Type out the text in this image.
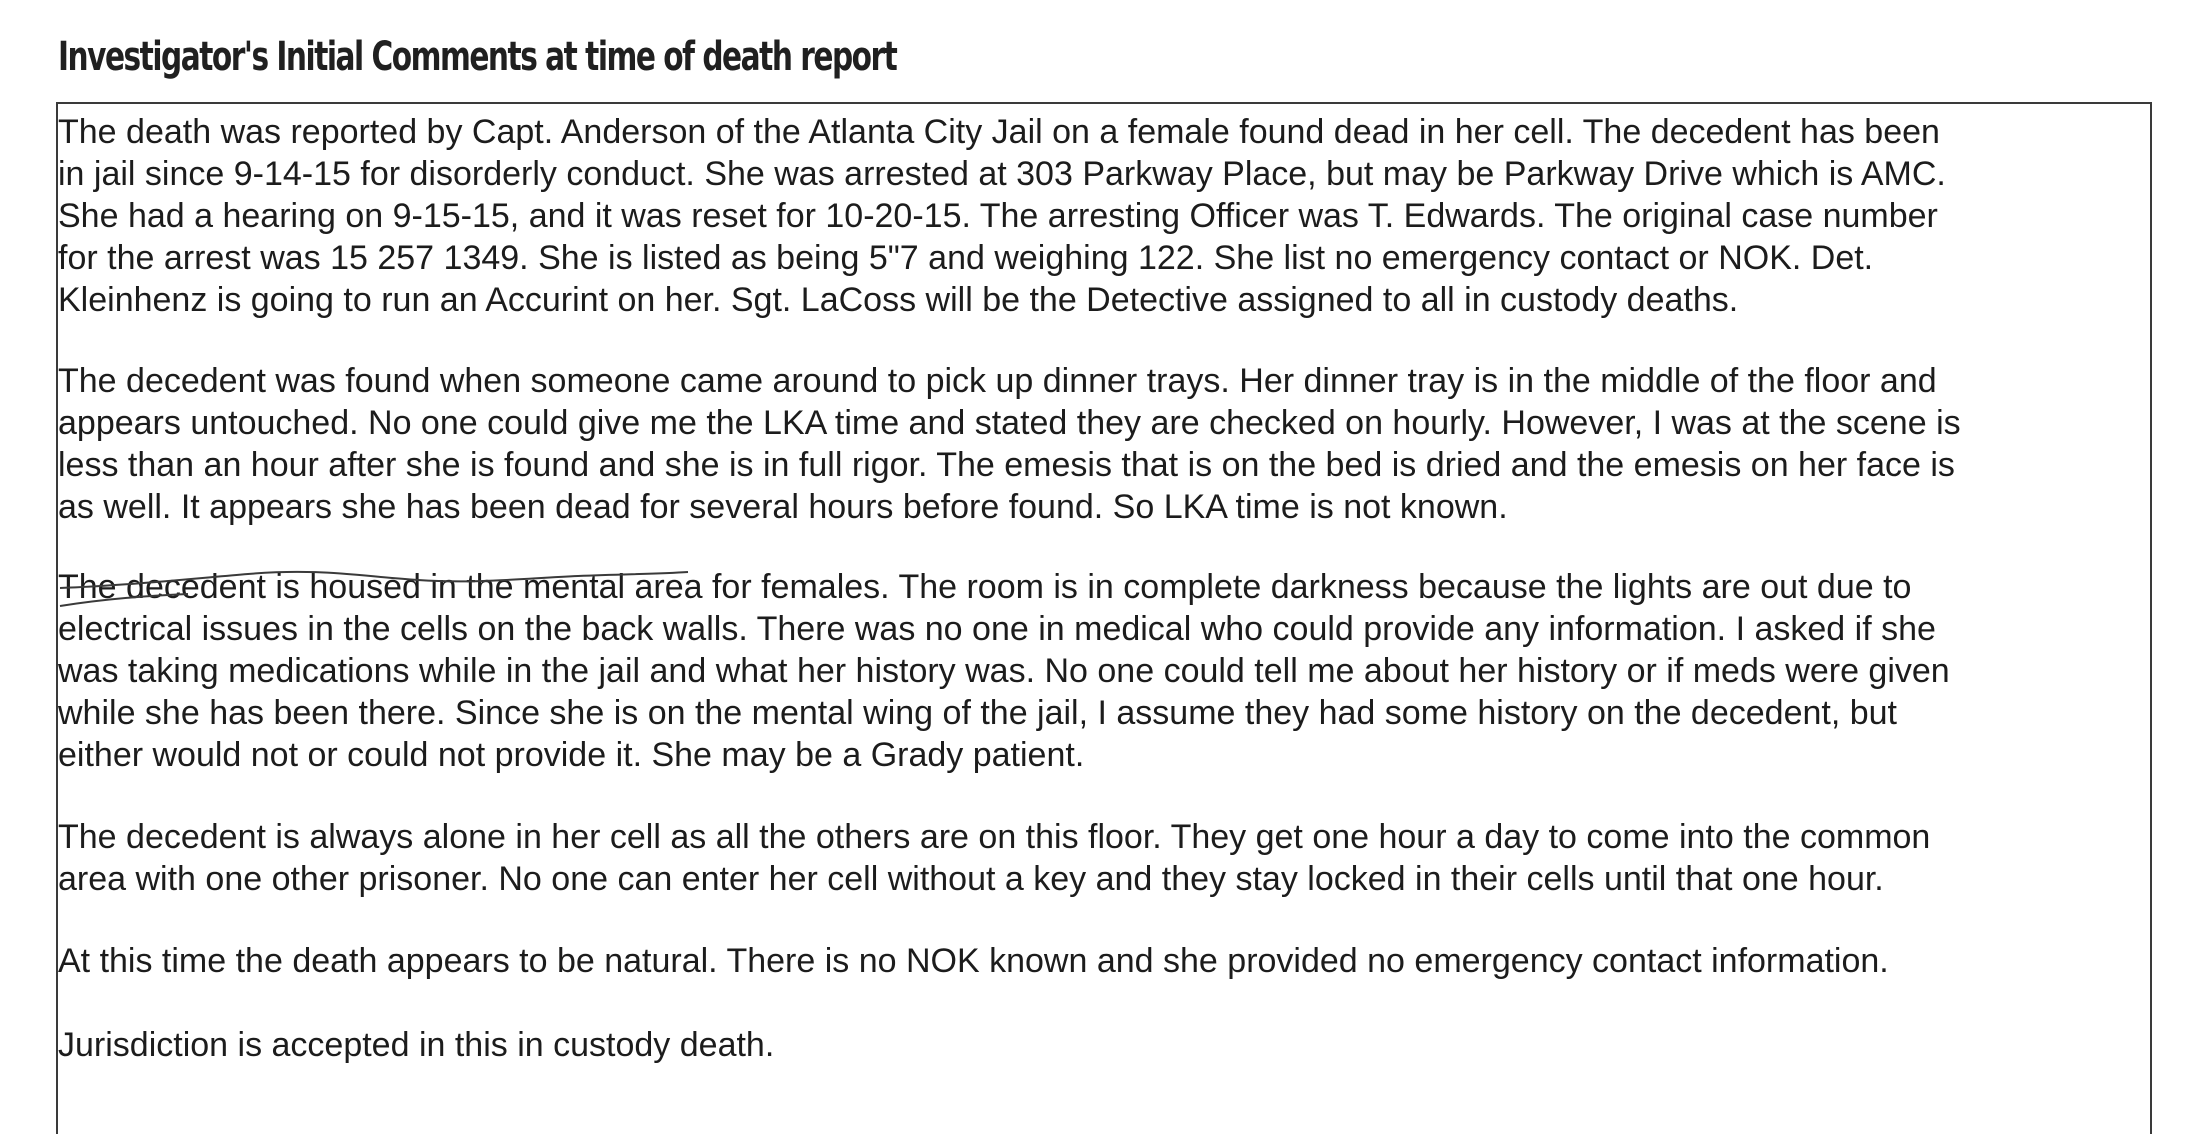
Investigator's Initial Comments at time of death report
The death was reported by Capt. Anderson of the Atlanta City Jail on a female found dead in her cell. The decedent has been
in jail since 9-14-15 for disorderly conduct. She was arrested at 303 Parkway Place, but may be Parkway Drive which is AMC.
She had a hearing on 9-15-15, and it was reset for 10-20-15. The arresting Officer was T. Edwards. The original case number
for the arrest was 15 257 1349. She is listed as being 5"7 and weighing 122. She list no emergency contact or NOK. Det.
Kleinhenz is going to run an Accurint on her. Sgt. LaCoss will be the Detective assigned to all in custody deaths.
The decedent was found when someone came around to pick up dinner trays. Her dinner tray is in the middle of the floor and
appears untouched. No one could give me the LKA time and stated they are checked on hourly. However, I was at the scene is
less than an hour after she is found and she is in full rigor. The emesis that is on the bed is dried and the emesis on her face is
as well. It appears she has been dead for several hours before found. So LKA time is not known.
The decedent is housed in the mental area for females. The room is in complete darkness because the lights are out due to
electrical issues in the cells on the back walls. There was no one in medical who could provide any information. I asked if she
was taking medications while in the jail and what her history was. No one could tell me about her history or if meds were given
while she has been there. Since she is on the mental wing of the jail, I assume they had some history on the decedent, but
either would not or could not provide it. She may be a Grady patient.
The decedent is always alone in her cell as all the others are on this floor. They get one hour a day to come into the common
area with one other prisoner. No one can enter her cell without a key and they stay locked in their cells until that one hour.
At this time the death appears to be natural. There is no NOK known and she provided no emergency contact information.
Jurisdiction is accepted in this in custody death.
